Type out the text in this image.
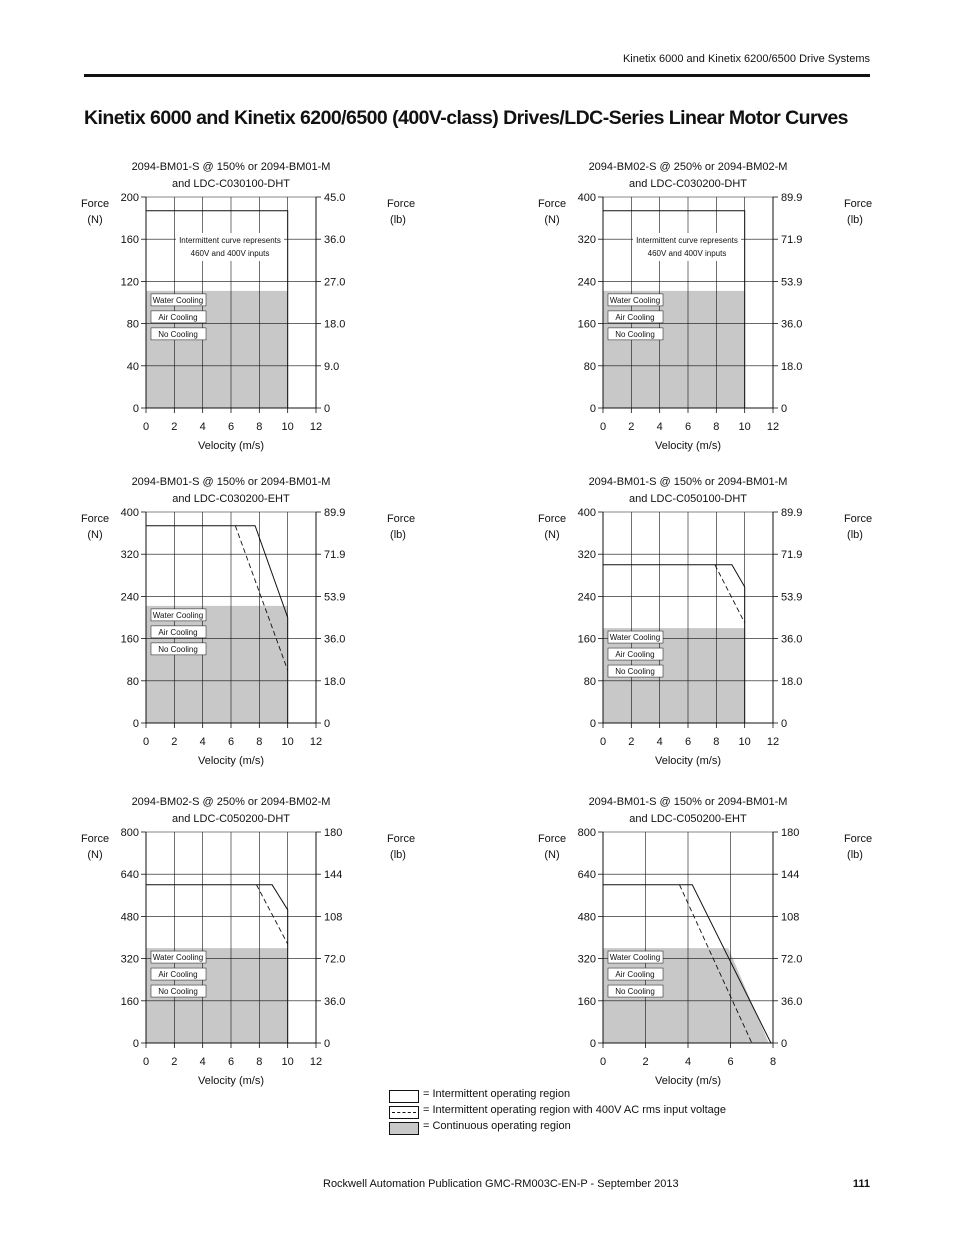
Kinetix 6000 and Kinetix 6200/6500 Drive Systems
Kinetix 6000 and Kinetix 6200/6500 (400V-class) Drives/LDC-Series Linear Motor Curves
2094-BM01-S @ 150% or 2094-BM01-M
and LDC-C030100-DHT
Force
(N)
Force
(lb)
Velocity (m/s)
0
40
80
120
160
200
0
9.0
18.0
27.0
36.0
45.0
0 2 4 6 8 10 12
Intermittent curve represents
460V and 400V inputs
Water Cooling
Air Cooling
No Cooling
2094-BM02-S @ 250% or 2094-BM02-M
and LDC-C030200-DHT
Force
(N)
Force
(lb)
Velocity (m/s)
0
80
160
240
320
400
0
18.0
36.0
53.9
71.9
89.9
0 2 4 6 8 10 12
Intermittent curve represents
460V and 400V inputs
Water Cooling
Air Cooling
No Cooling
2094-BM01-S @ 150% or 2094-BM01-M
and LDC-C030200-EHT
Force
(N)
Force
(lb)
Velocity (m/s)
0
80
160
240
320
400
0
18.0
36.0
53.9
71.9
89.9
0 2 4 6 8 10 12
Water Cooling
Air Cooling
No Cooling
2094-BM01-S @ 150% or 2094-BM01-M
and LDC-C050100-DHT
Force
(N)
Force
(lb)
Velocity (m/s)
0
80
160
240
320
400
0
18.0
36.0
53.9
71.9
89.9
0 2 4 6 8 10 12
Water Cooling
Air Cooling
No Cooling
2094-BM02-S @ 250% or 2094-BM02-M
and LDC-C050200-DHT
Force
(N)
Force
(lb)
Velocity (m/s)
0
160
320
480
640
800
0
36.0
72.0
108
144
180
0 2 4 6 8 10 12
Water Cooling
Air Cooling
No Cooling
2094-BM01-S @ 150% or 2094-BM01-M
and LDC-C050200-EHT
Force
(N)
Force
(lb)
Velocity (m/s)
0
160
320
480
640
800
0
36.0
72.0
108
144
180
0	2	4	6	8
Water Cooling
Air Cooling
No Cooling
= Intermittent operating region
= Intermittent operating region with 400V AC rms input voltage
= Continuous operating region
Rockwell Automation Publication GMC-RM003C-EN-P - September 2013	111
